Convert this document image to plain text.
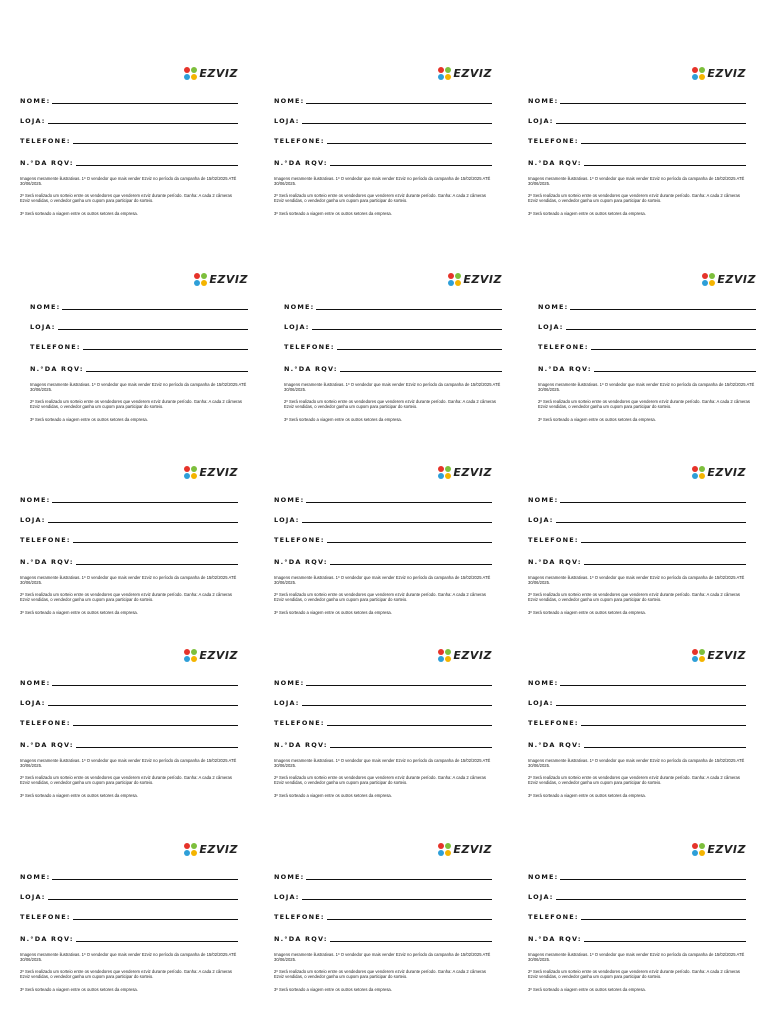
EZVIZ
NOME:
LOJA:
TELEFONE:
N.°DA RQV:
Imagens meramente ilustrativas. 1º O vendedor que mais vender Ezviz no período da campanha de 15/02/2025 ATÉ 30/06/2025.
2º Será realizado um sorteio entre os vendedores que venderem ezviz durante período. Ganha: A cada 2 câmeras Ezviz vendidas, o vendedor ganha um cupom para participar do sorteio.
3º Será sorteado a viagem entre os outros setores da empresa.
EZVIZ
NOME:
LOJA:
TELEFONE:
N.°DA RQV:
Imagens meramente ilustrativas. 1º O vendedor que mais vender Ezviz no período da campanha de 15/02/2025 ATÉ 30/06/2025.
2º Será realizado um sorteio entre os vendedores que venderem ezviz durante período. Ganha: A cada 2 câmeras Ezviz vendidas, o vendedor ganha um cupom para participar do sorteio.
3º Será sorteado a viagem entre os outros setores da empresa.
EZVIZ
NOME:
LOJA:
TELEFONE:
N.°DA RQV:
Imagens meramente ilustrativas. 1º O vendedor que mais vender Ezviz no período da campanha de 15/02/2025 ATÉ 30/06/2025.
2º Será realizado um sorteio entre os vendedores que venderem ezviz durante período. Ganha: A cada 2 câmeras Ezviz vendidas, o vendedor ganha um cupom para participar do sorteio.
3º Será sorteado a viagem entre os outros setores da empresa.
EZVIZ
NOME:
LOJA:
TELEFONE:
N.°DA RQV:
Imagens meramente ilustrativas. 1º O vendedor que mais vender Ezviz no período da campanha de 15/02/2025 ATÉ 30/06/2025.
2º Será realizado um sorteio entre os vendedores que venderem ezviz durante período. Ganha: A cada 2 câmeras Ezviz vendidas, o vendedor ganha um cupom para participar do sorteio.
3º Será sorteado a viagem entre os outros setores da empresa.
EZVIZ
NOME:
LOJA:
TELEFONE:
N.°DA RQV:
Imagens meramente ilustrativas. 1º O vendedor que mais vender Ezviz no período da campanha de 15/02/2025 ATÉ 30/06/2025.
2º Será realizado um sorteio entre os vendedores que venderem ezviz durante período. Ganha: A cada 2 câmeras Ezviz vendidas, o vendedor ganha um cupom para participar do sorteio.
3º Será sorteado a viagem entre os outros setores da empresa.
EZVIZ
NOME:
LOJA:
TELEFONE:
N.°DA RQV:
Imagens meramente ilustrativas. 1º O vendedor que mais vender Ezviz no período da campanha de 15/02/2025 ATÉ 30/06/2025.
2º Será realizado um sorteio entre os vendedores que venderem ezviz durante período. Ganha: A cada 2 câmeras Ezviz vendidas, o vendedor ganha um cupom para participar do sorteio.
3º Será sorteado a viagem entre os outros setores da empresa.
EZVIZ
NOME:
LOJA:
TELEFONE:
N.°DA RQV:
Imagens meramente ilustrativas. 1º O vendedor que mais vender Ezviz no período da campanha de 15/02/2025 ATÉ 30/06/2025.
2º Será realizado um sorteio entre os vendedores que venderem ezviz durante período. Ganha: A cada 2 câmeras Ezviz vendidas, o vendedor ganha um cupom para participar do sorteio.
3º Será sorteado a viagem entre os outros setores da empresa.
EZVIZ
NOME:
LOJA:
TELEFONE:
N.°DA RQV:
Imagens meramente ilustrativas. 1º O vendedor que mais vender Ezviz no período da campanha de 15/02/2025 ATÉ 30/06/2025.
2º Será realizado um sorteio entre os vendedores que venderem ezviz durante período. Ganha: A cada 2 câmeras Ezviz vendidas, o vendedor ganha um cupom para participar do sorteio.
3º Será sorteado a viagem entre os outros setores da empresa.
EZVIZ
NOME:
LOJA:
TELEFONE:
N.°DA RQV:
Imagens meramente ilustrativas. 1º O vendedor que mais vender Ezviz no período da campanha de 15/02/2025 ATÉ 30/06/2025.
2º Será realizado um sorteio entre os vendedores que venderem ezviz durante período. Ganha: A cada 2 câmeras Ezviz vendidas, o vendedor ganha um cupom para participar do sorteio.
3º Será sorteado a viagem entre os outros setores da empresa.
EZVIZ
NOME:
LOJA:
TELEFONE:
N.°DA RQV:
Imagens meramente ilustrativas. 1º O vendedor que mais vender Ezviz no período da campanha de 15/02/2025 ATÉ 30/06/2025.
2º Será realizado um sorteio entre os vendedores que venderem ezviz durante período. Ganha: A cada 2 câmeras Ezviz vendidas, o vendedor ganha um cupom para participar do sorteio.
3º Será sorteado a viagem entre os outros setores da empresa.
EZVIZ
NOME:
LOJA:
TELEFONE:
N.°DA RQV:
Imagens meramente ilustrativas. 1º O vendedor que mais vender Ezviz no período da campanha de 15/02/2025 ATÉ 30/06/2025.
2º Será realizado um sorteio entre os vendedores que venderem ezviz durante período. Ganha: A cada 2 câmeras Ezviz vendidas, o vendedor ganha um cupom para participar do sorteio.
3º Será sorteado a viagem entre os outros setores da empresa.
EZVIZ
NOME:
LOJA:
TELEFONE:
N.°DA RQV:
Imagens meramente ilustrativas. 1º O vendedor que mais vender Ezviz no período da campanha de 15/02/2025 ATÉ 30/06/2025.
2º Será realizado um sorteio entre os vendedores que venderem ezviz durante período. Ganha: A cada 2 câmeras Ezviz vendidas, o vendedor ganha um cupom para participar do sorteio.
3º Será sorteado a viagem entre os outros setores da empresa.
EZVIZ
NOME:
LOJA:
TELEFONE:
N.°DA RQV:
Imagens meramente ilustrativas. 1º O vendedor que mais vender Ezviz no período da campanha de 15/02/2025 ATÉ 30/06/2025.
2º Será realizado um sorteio entre os vendedores que venderem ezviz durante período. Ganha: A cada 2 câmeras Ezviz vendidas, o vendedor ganha um cupom para participar do sorteio.
3º Será sorteado a viagem entre os outros setores da empresa.
EZVIZ
NOME:
LOJA:
TELEFONE:
N.°DA RQV:
Imagens meramente ilustrativas. 1º O vendedor que mais vender Ezviz no período da campanha de 15/02/2025 ATÉ 30/06/2025.
2º Será realizado um sorteio entre os vendedores que venderem ezviz durante período. Ganha: A cada 2 câmeras Ezviz vendidas, o vendedor ganha um cupom para participar do sorteio.
3º Será sorteado a viagem entre os outros setores da empresa.
EZVIZ
NOME:
LOJA:
TELEFONE:
N.°DA RQV:
Imagens meramente ilustrativas. 1º O vendedor que mais vender Ezviz no período da campanha de 15/02/2025 ATÉ 30/06/2025.
2º Será realizado um sorteio entre os vendedores que venderem ezviz durante período. Ganha: A cada 2 câmeras Ezviz vendidas, o vendedor ganha um cupom para participar do sorteio.
3º Será sorteado a viagem entre os outros setores da empresa.
